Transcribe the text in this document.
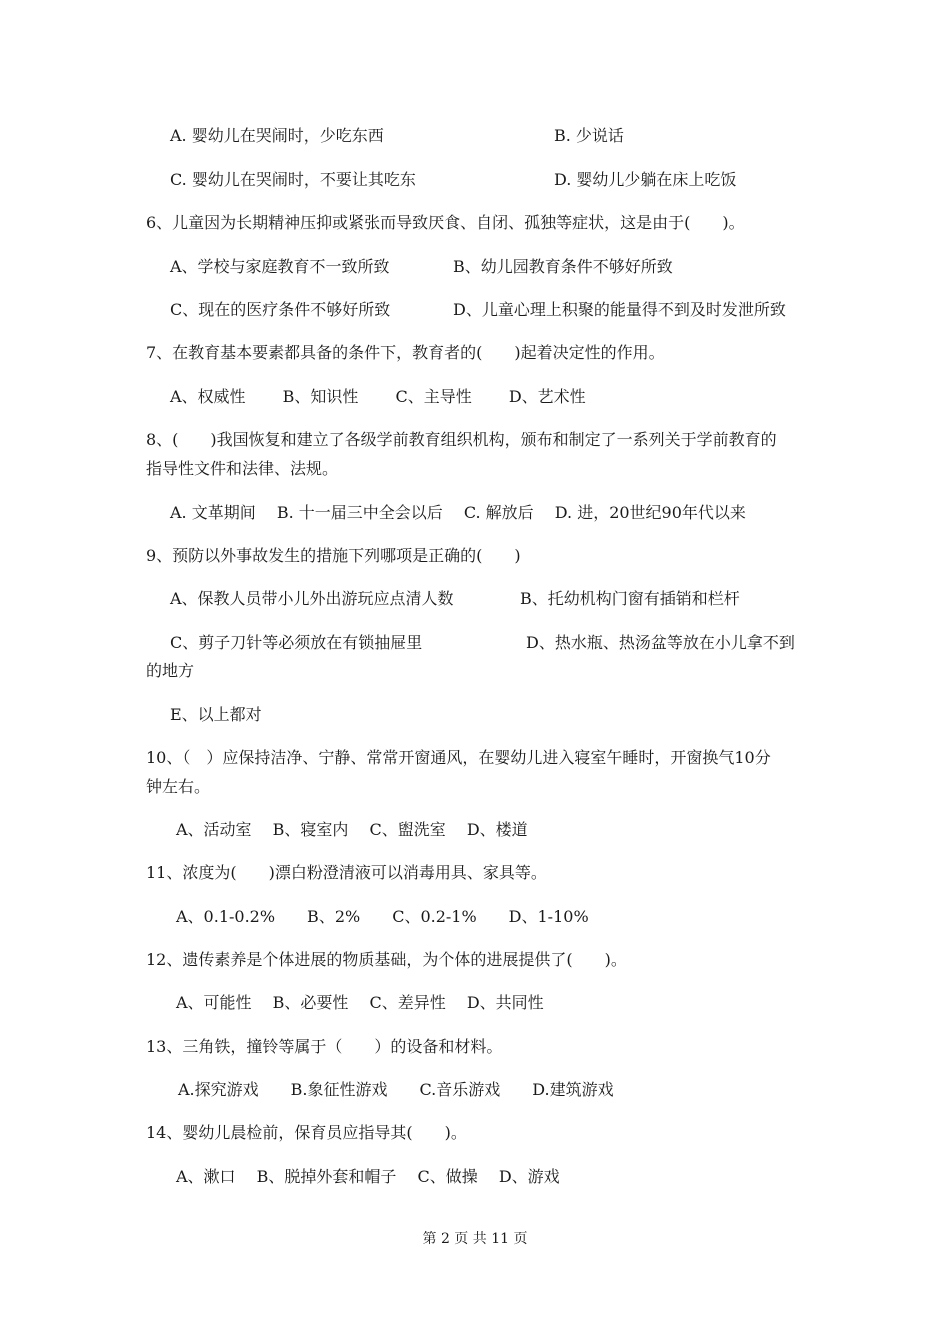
A. 婴幼儿在哭闹时，少吃东西	B. 少说话
C. 婴幼儿在哭闹时，不要让其吃东	D. 婴幼儿少躺在床上吃饭
6、儿童因为长期精神压抑或紧张而导致厌食、自闭、孤独等症状，这是由于(　　)。
A、学校与家庭教育不一致所致	B、幼儿园教育条件不够好所致
C、现在的医疗条件不够好所致	D、儿童心理上积聚的能量得不到及时发泄所致
7、在教育基本要素都具备的条件下，教育者的(　　)起着决定性的作用。
A、权威性　　 B、知识性　　 C、主导性　　 D、艺术性
8、(　　)我国恢复和建立了各级学前教育组织机构，颁布和制定了一系列关于学前教育的
指导性文件和法律、法规。
A. 文革期间　 B. 十一届三中全会以后　 C. 解放后　 D. 进，20世纪90年代以来
9、预防以外事故发生的措施下列哪项是正确的(　　)
A、保教人员带小儿外出游玩应点清人数	B、托幼机构门窗有插销和栏杆
C、剪子刀针等必须放在有锁抽屉里	D、热水瓶、热汤盆等放在小儿拿不到
的地方
E、以上都对
10、（　）应保持洁净、宁静、常常开窗通风，在婴幼儿进入寝室午睡时，开窗换气10分
钟左右。
A、活动室　 B、寝室内　 C、盥洗室　 D、楼道
11、浓度为(　　)漂白粉澄清液可以消毒用具、家具等。
A、0.1-0.2%　　B、2%　　C、0.2-1%　　D、1-10%
12、遗传素养是个体进展的物质基础，为个体的进展提供了(　　)。
A、可能性　 B、必要性　 C、差异性　 D、共同性
13、三角铁，撞铃等属于（　　）的设备和材料。
A.探究游戏　　B.象征性游戏　　C.音乐游戏　　D.建筑游戏
14、婴幼儿晨检前，保育员应指导其(　　)。
A、漱口　 B、脱掉外套和帽子　 C、做操　 D、游戏
第 2 页 共 11 页
